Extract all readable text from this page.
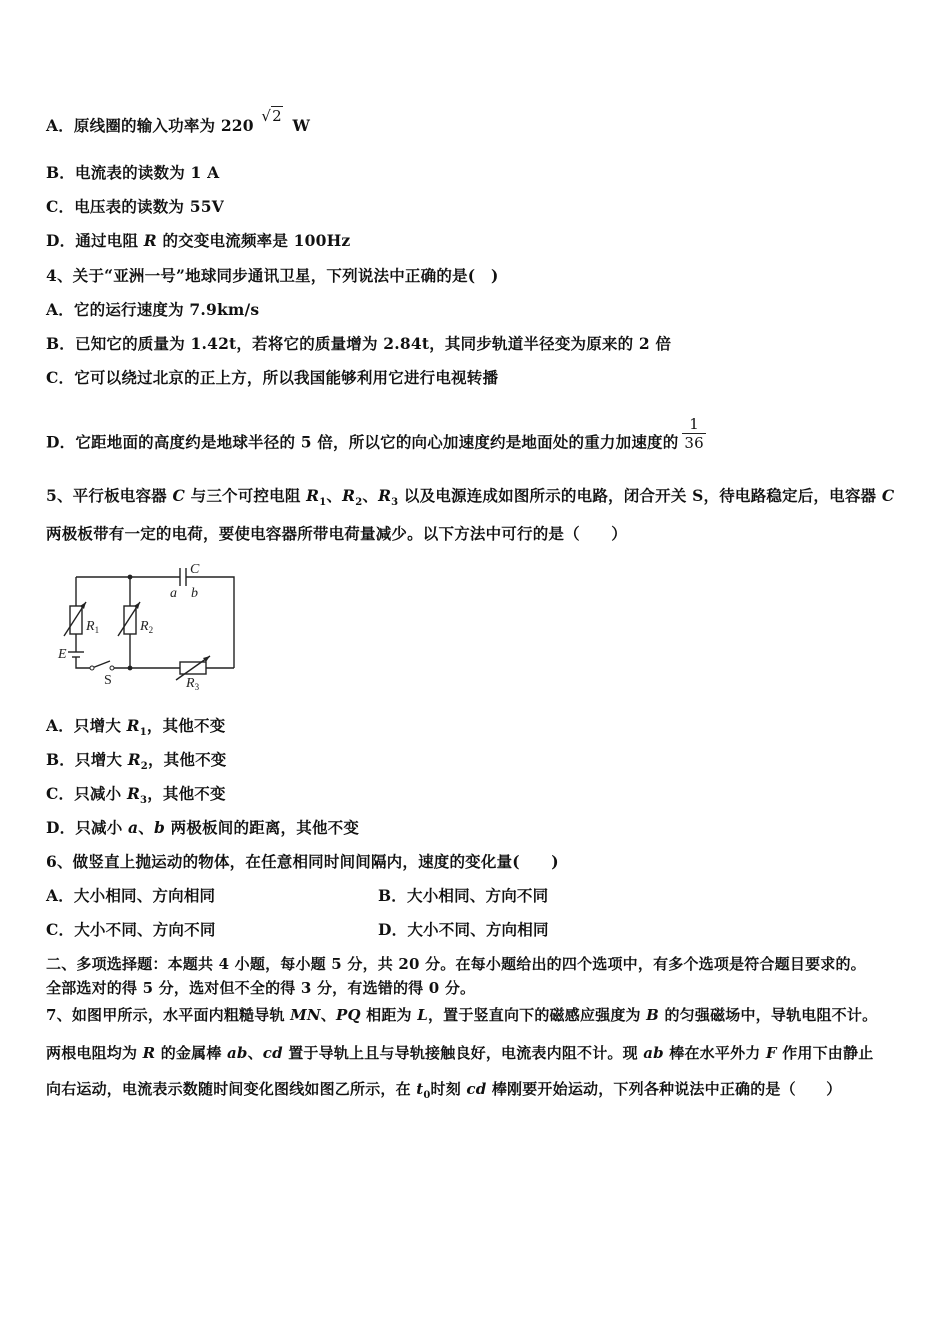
A．原线圈的输入功率为 220 √2 W
B．电流表的读数为 1 A
C．电压表的读数为 55V
D．通过电阻 R 的交变电流频率是 100Hz
4、关于“亚洲一号”地球同步通讯卫星，下列说法中正确的是(　)
A．它的运行速度为 7.9km/s
B．已知它的质量为 1.42t，若将它的质量增为 2.84t，其同步轨道半径变为原来的 2 倍
C．它可以绕过北京的正上方，所以我国能够利用它进行电视转播
D．它距地面的高度约是地球半径的 5 倍，所以它的向心加速度约是地面处的重力加速度的 $\frac{1}{36}$
5、平行板电容器 C 与三个可控电阻 $R_1$、$R_2$、$R_3$ 以及电源连成如图所示的电路，闭合开关 S，待电路稳定后，电容器 C
两极板带有一定的电荷，要使电容器所带电荷量减少。以下方法中可行的是（　　）
C
a b
$R_1$	$R_2$
$R_3$
E
S
A．只增大 $R_1$，其他不变
B．只增大 $R_2$，其他不变
C．只减小 $R_3$，其他不变
D．只减小 a、b 两极板间的距离，其他不变
6、做竖直上抛运动的物体，在任意相同时间间隔内，速度的变化量(　　)
A．大小相同、方向相同	B．大小相同、方向不同
C．大小不同、方向不同	D．大小不同、方向相同
二、多项选择题：本题共 4 小题，每小题 5 分，共 20 分。在每小题给出的四个选项中，有多个选项是符合题目要求的。
全部选对的得 5 分，选对但不全的得 3 分，有选错的得 0 分。
7、如图甲所示，水平面内粗糙导轨 MN、PQ 相距为 L，置于竖直向下的磁感应强度为 B 的匀强磁场中，导轨电阻不计。
两根电阻均为 R 的金属棒 ab、cd 置于导轨上且与导轨接触良好，电流表内阻不计。现 ab 棒在水平外力 F 作用下由静止
向右运动，电流表示数随时间变化图线如图乙所示，在 $t_0$时刻 cd 棒刚要开始运动，下列各种说法中正确的是（　　）
